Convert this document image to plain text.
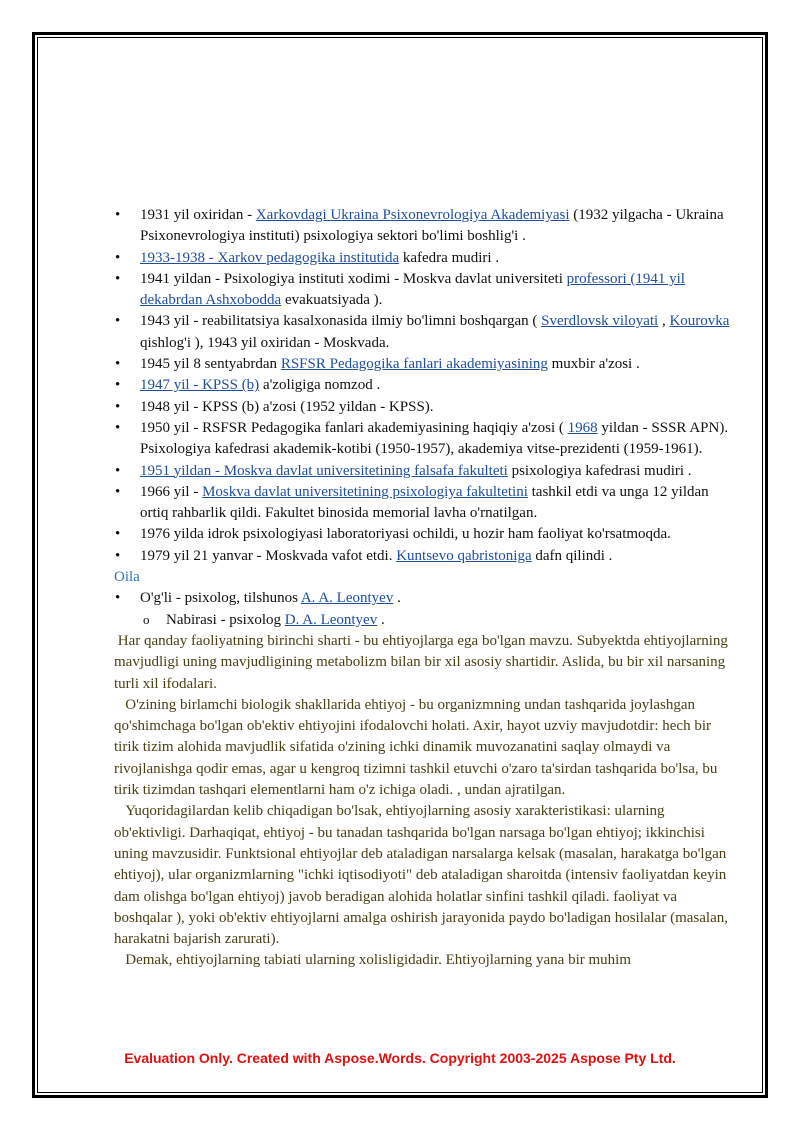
• 1931 yil oxiridan - Xarkovdagi Ukraina Psixonevrologiya Akademiyasi (1932 yilgacha - Ukraina Psixonevrologiya instituti) psixologiya sektori bo'limi boshlig'i .
• 1933-1938 - Xarkov pedagogika institutida kafedra mudiri .
• 1941 yildan - Psixologiya instituti xodimi - Moskva davlat universiteti professori (1941 yil dekabrdan Ashxobodda evakuatsiyada ).
• 1943 yil - reabilitatsiya kasalxonasida ilmiy bo'limni boshqargan ( Sverdlovsk viloyati , Kourovka qishlog'i ), 1943 yil oxiridan - Moskvada.
• 1945 yil 8 sentyabrdan RSFSR Pedagogika fanlari akademiyasining muxbir a'zosi .
• 1947 yil - KPSS (b) a'zoligiga nomzod .
• 1948 yil - KPSS (b) a'zosi (1952 yildan - KPSS).
• 1950 yil - RSFSR Pedagogika fanlari akademiyasining haqiqiy a'zosi ( 1968 yildan - SSSR APN). Psixologiya kafedrasi akademik-kotibi (1950-1957), akademiya vitse-prezidenti (1959-1961).
• 1951 yildan - Moskva davlat universitetining falsafa fakulteti psixologiya kafedrasi mudiri .
• 1966 yil - Moskva davlat universitetining psixologiya fakultetini tashkil etdi va unga 12 yildan ortiq rahbarlik qildi. Fakultet binosida memorial lavha o'rnatilgan.
• 1976 yilda idrok psixologiyasi laboratoriyasi ochildi, u hozir ham faoliyat ko'rsatmoqda.
• 1979 yil 21 yanvar - Moskvada vafot etdi. Kuntsevo qabristoniga dafn qilindi .
Oila
• O'g'li - psixolog, tilshunos A. A. Leontyev .
o Nabirasi - psixolog D. A. Leontyev .
Har qanday faoliyatning birinchi sharti - bu ehtiyojlarga ega bo'lgan mavzu. Subyektda ehtiyojlarning mavjudligi uning mavjudligining metabolizm bilan bir xil asosiy shartidir. Aslida, bu bir xil narsaning turli xil ifodalari.
O'zining birlamchi biologik shakllarida ehtiyoj - bu organizmning undan tashqarida joylashgan qo'shimchaga bo'lgan ob'ektiv ehtiyojini ifodalovchi holati. Axir, hayot uzviy mavjudotdir: hech bir tirik tizim alohida mavjudlik sifatida o'zining ichki dinamik muvozanatini saqlay olmaydi va rivojlanishga qodir emas, agar u kengroq tizimni tashkil etuvchi o'zaro ta'sirdan tashqarida bo'lsa, bu tirik tizimdan tashqari elementlarni ham o'z ichiga oladi. , undan ajratilgan.
Yuqoridagilardan kelib chiqadigan bo'lsak, ehtiyojlarning asosiy xarakteristikasi: ularning ob'ektivligi. Darhaqiqat, ehtiyoj - bu tanadan tashqarida bo'lgan narsaga bo'lgan ehtiyoj; ikkinchisi uning mavzusidir. Funktsional ehtiyojlar deb ataladigan narsalarga kelsak (masalan, harakatga bo'lgan ehtiyoj), ular organizmlarning "ichki iqtisodiyoti" deb ataladigan sharoitda (intensiv faoliyatdan keyin dam olishga bo'lgan ehtiyoj) javob beradigan alohida holatlar sinfini tashkil qiladi. faoliyat va boshqalar ), yoki ob'ektiv ehtiyojlarni amalga oshirish jarayonida paydo bo'ladigan hosilalar (masalan, harakatni bajarish zarurati).
Demak, ehtiyojlarning tabiati ularning xolisligidadir. Ehtiyojlarning yana bir muhim
Evaluation Only. Created with Aspose.Words. Copyright 2003-2025 Aspose Pty Ltd.
